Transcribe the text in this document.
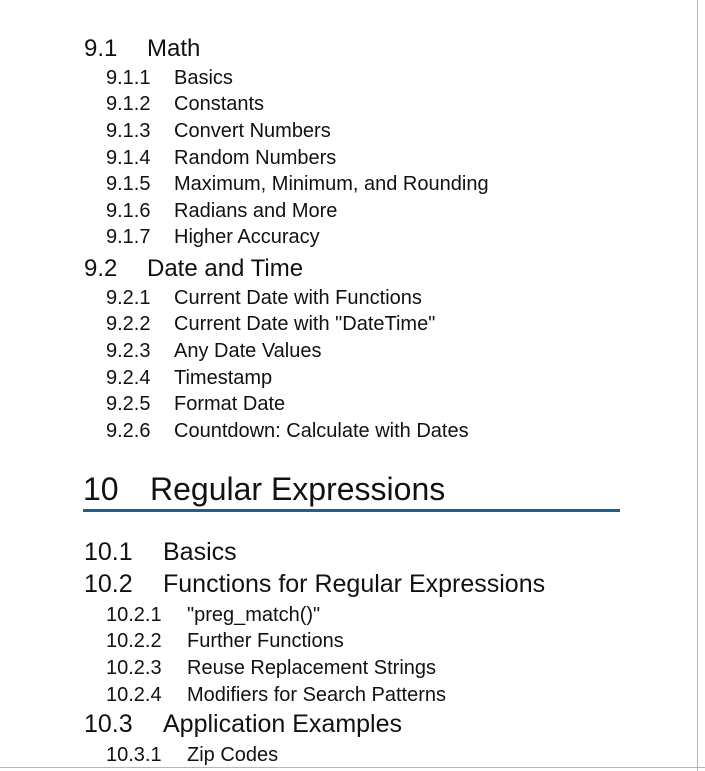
9.1 Math
9.1.1 Basics
9.1.2 Constants
9.1.3 Convert Numbers
9.1.4 Random Numbers
9.1.5 Maximum, Minimum, and Rounding
9.1.6 Radians and More
9.1.7 Higher Accuracy
9.2 Date and Time
9.2.1 Current Date with Functions
9.2.2 Current Date with "DateTime"
9.2.3 Any Date Values
9.2.4 Timestamp
9.2.5 Format Date
9.2.6 Countdown: Calculate with Dates
10 Regular Expressions
10.1 Basics
10.2 Functions for Regular Expressions
10.2.1 "preg_match()"
10.2.2 Further Functions
10.2.3 Reuse Replacement Strings
10.2.4 Modifiers for Search Patterns
10.3 Application Examples
10.3.1 Zip Codes
